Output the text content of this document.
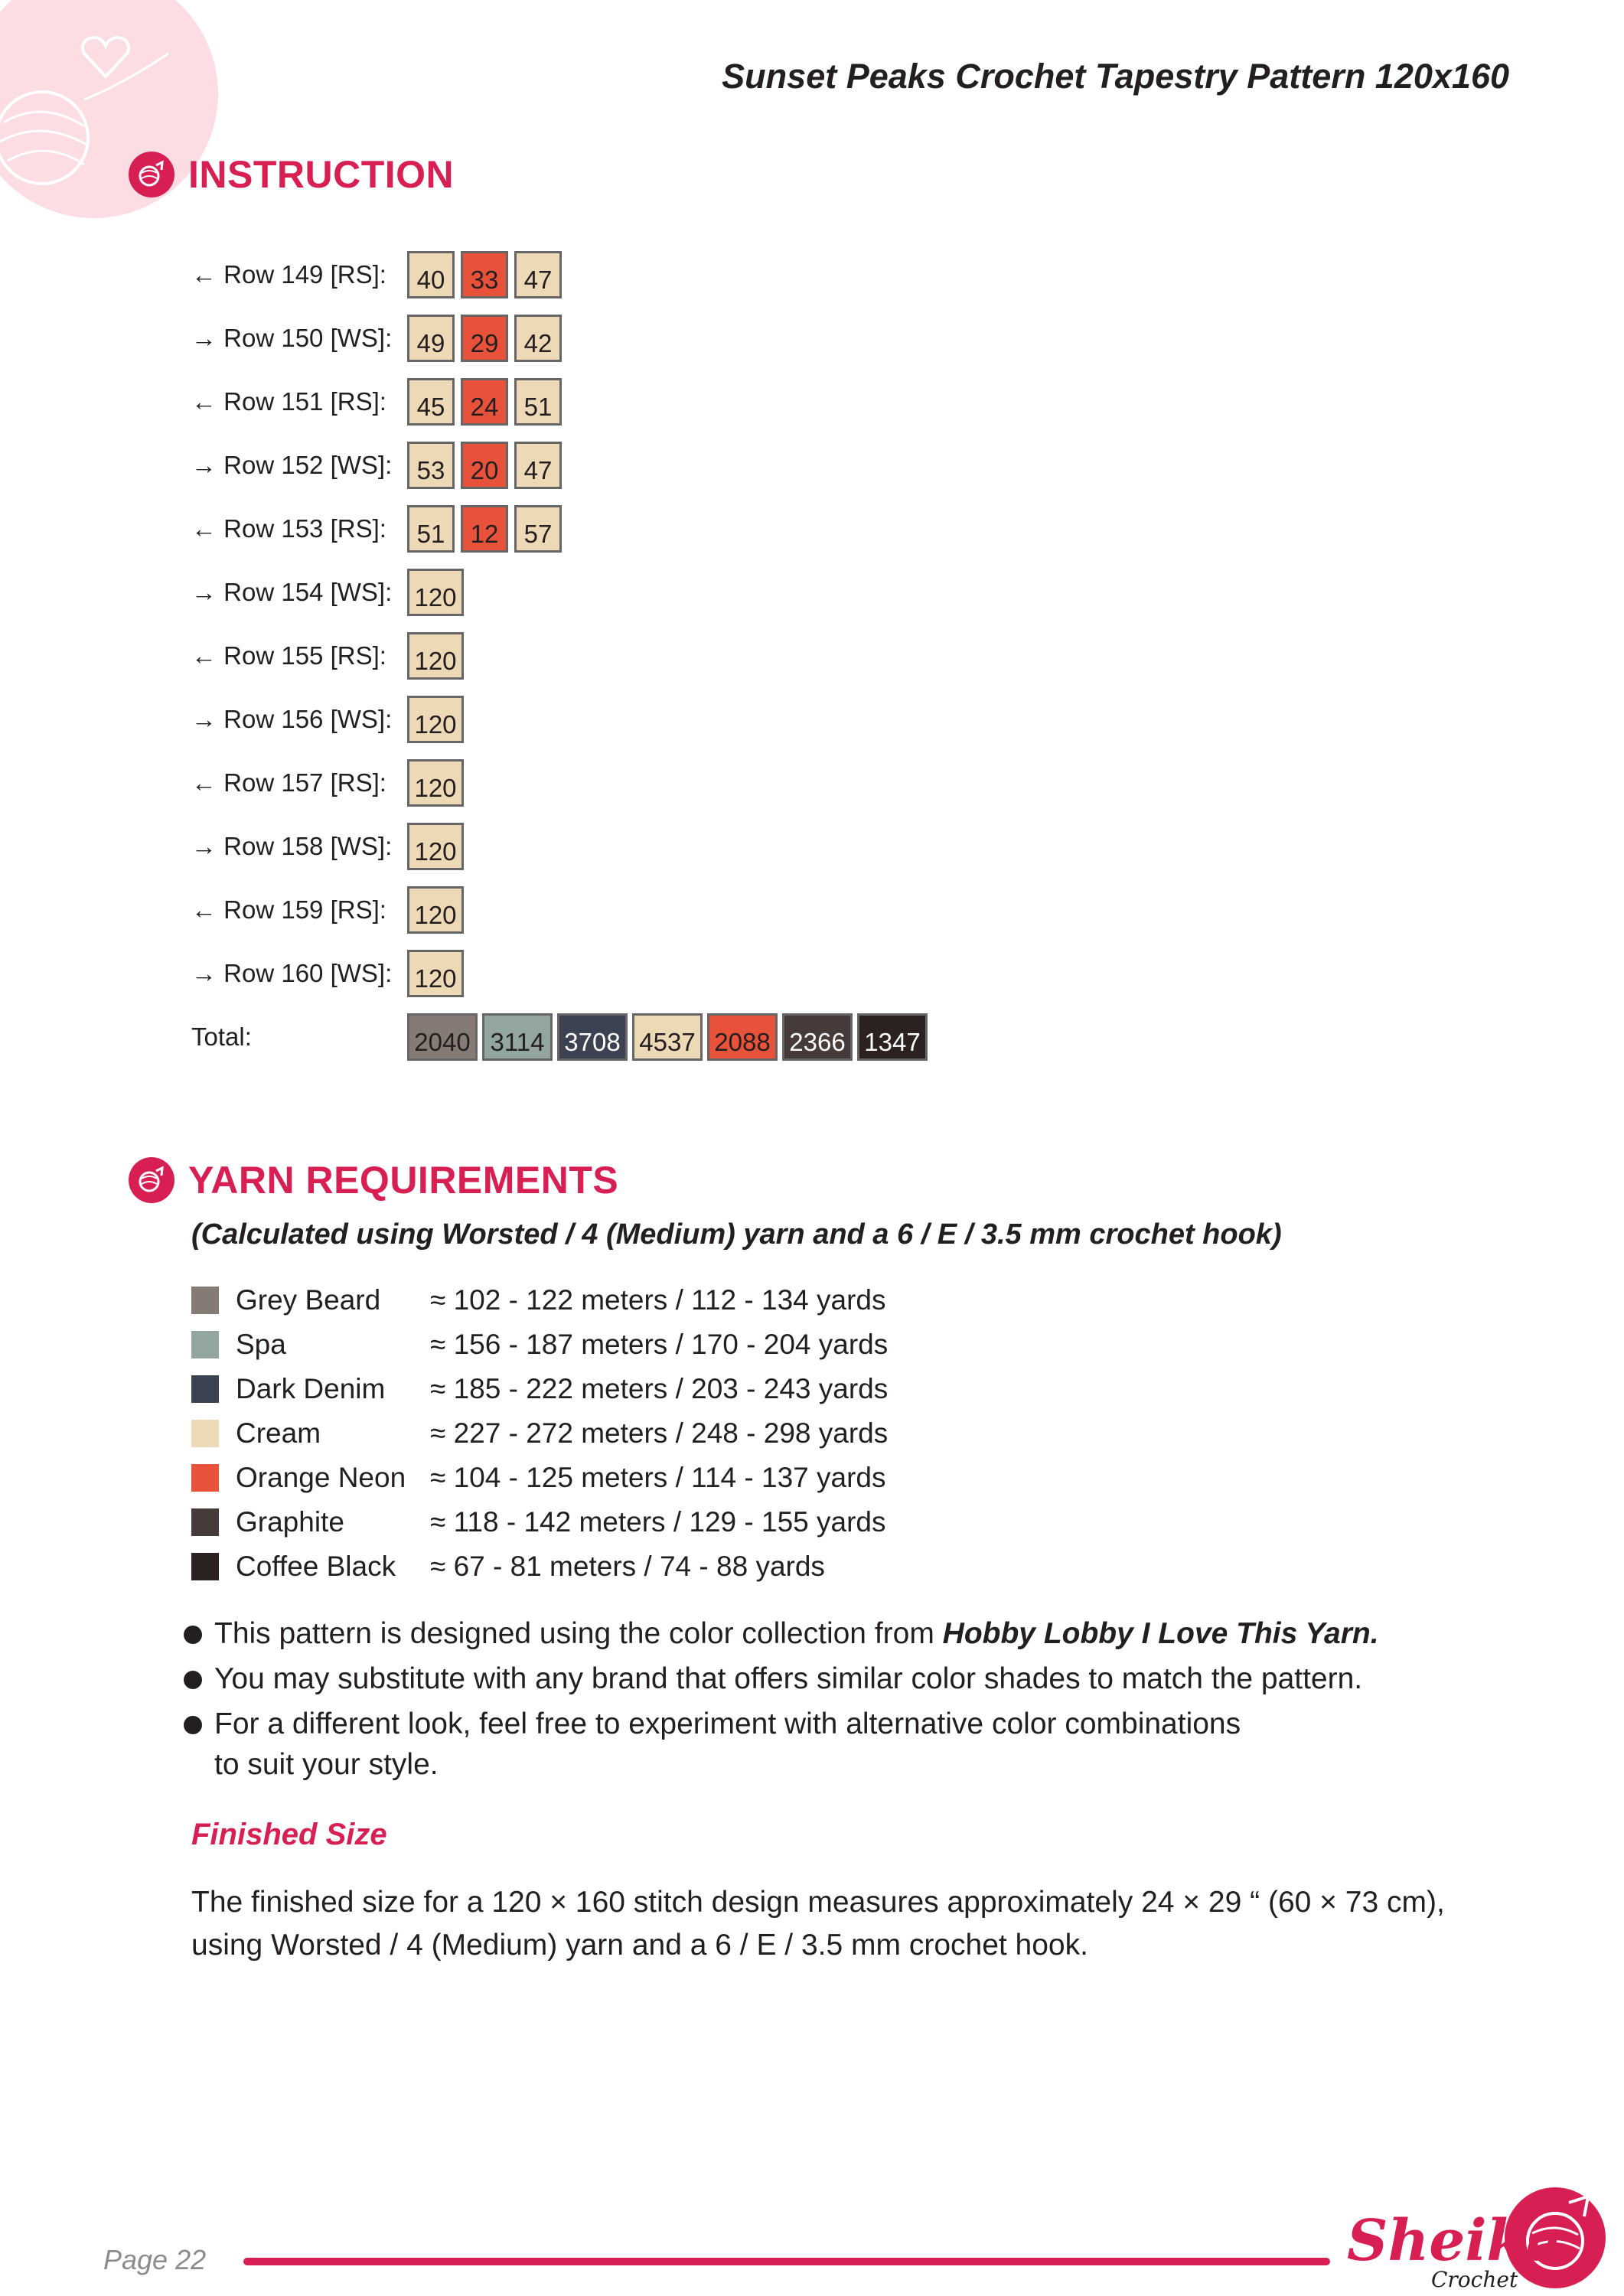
Sunset Peaks Crochet Tapestry Pattern 120x160
INSTRUCTION
← Row 149 [RS]:	40	33	47
→ Row 150 [WS]: 49	29	42
← Row 151 [RS]:	45	24	51
→ Row 152 [WS]: 53	20	47
← Row 153 [RS]:	51	12	57
→ Row 154 [WS]: 120
← Row 155 [RS]:	120
→ Row 156 [WS]: 120
← Row 157 [RS]:	120
→ Row 158 [WS]: 120
← Row 159 [RS]:	120
→ Row 160 [WS]: 120
Total:	2040 3114 3708 4537 2088 2366 1347
YARN REQUIREMENTS
(Calculated using Worsted / 4 (Medium) yarn and a 6 / E / 3.5 mm crochet hook)
Grey Beard	≈ 102 - 122 meters / 112 - 134 yards
Spa	≈ 156 - 187 meters / 170 - 204 yards
Dark Denim	≈ 185 - 222 meters / 203 - 243 yards
Cream	≈ 227 - 272 meters / 248 - 298 yards
Orange Neon ≈ 104 - 125 meters / 114 - 137 yards
Graphite	≈ 118 - 142 meters / 129 - 155 yards
Coffee Black	≈ 67 - 81 meters / 74 - 88 yards
This pattern is designed using the color collection from Hobby Lobby I Love This Yarn.
You may substitute with any brand that offers similar color shades to match the pattern.
For a different look, feel free to experiment with alternative color combinations
to suit your style.
Finished Size
The finished size for a 120 × 160 stitch design measures approximately 24 × 29 “ (60 × 73 cm),
using Worsted / 4 (Medium) yarn and a 6 / E / 3.5 mm crochet hook.
Page 22	Sheika
Crochet
